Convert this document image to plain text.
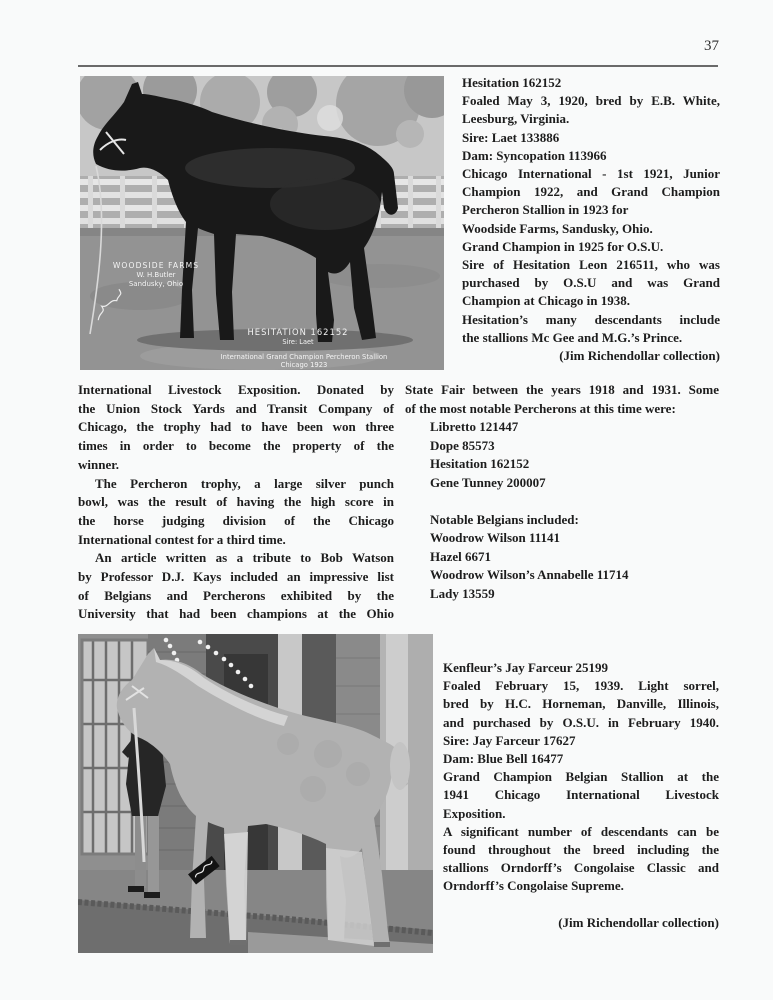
37
WOODSIDE FARMS
W. H.Butler
Sandusky, Ohio
HESITATION 162152
Sire: Laet
International Grand Champion Percheron Stallion
Chicago 1923
Hesitation 162152
Foaled May 3, 1920, bred by E.B. White,
Leesburg, Virginia.
Sire: Laet 133886
Dam: Syncopation 113966
Chicago International - 1st 1921, Junior
Champion 1922, and Grand Champion
Percheron Stallion in 1923 for
Woodside Farms, Sandusky, Ohio.
Grand Champion in 1925 for O.S.U.
Sire of Hesitation Leon 216511, who was
purchased by O.S.U and was Grand
Champion at Chicago in 1938.
Hesitation’s many descendants include
the stallions Mc Gee and M.G.’s Prince.
(Jim Richendollar collection)
International Livestock Exposition. Donated by
the Union Stock Yards and Transit Company of
Chicago, the trophy had to have been won three
times in order to become the property of the
winner.
The Percheron trophy, a large silver punch
bowl, was the result of having the high score in
the horse judging division of the Chicago
International contest for a third time.
An article written as a tribute to Bob Watson
by Professor D.J. Kays included an impressive list
of Belgians and Percherons exhibited by the
University that had been champions at the Ohio
State Fair between the years 1918 and 1931. Some
of the most notable Percherons at this time were:
Libretto 121447
Dope 85573
Hesitation 162152
Gene Tunney 200007

Notable Belgians included:
Woodrow Wilson 11141
Hazel 6671
Woodrow Wilson’s Annabelle 11714
Lady 13559
Kenfleur’s Jay Farceur 25199
Foaled February 15, 1939. Light sorrel,
bred by H.C. Horneman, Danville, Illinois,
and purchased by O.S.U. in February 1940.
Sire: Jay Farceur 17627
Dam: Blue Bell 16477
Grand Champion Belgian Stallion at the
1941 Chicago International Livestock
Exposition.
A significant number of descendants can be
found throughout the breed including the
stallions Orndorff’s Congolaise Classic and
Orndorff’s Congolaise Supreme.

(Jim Richendollar collection)
